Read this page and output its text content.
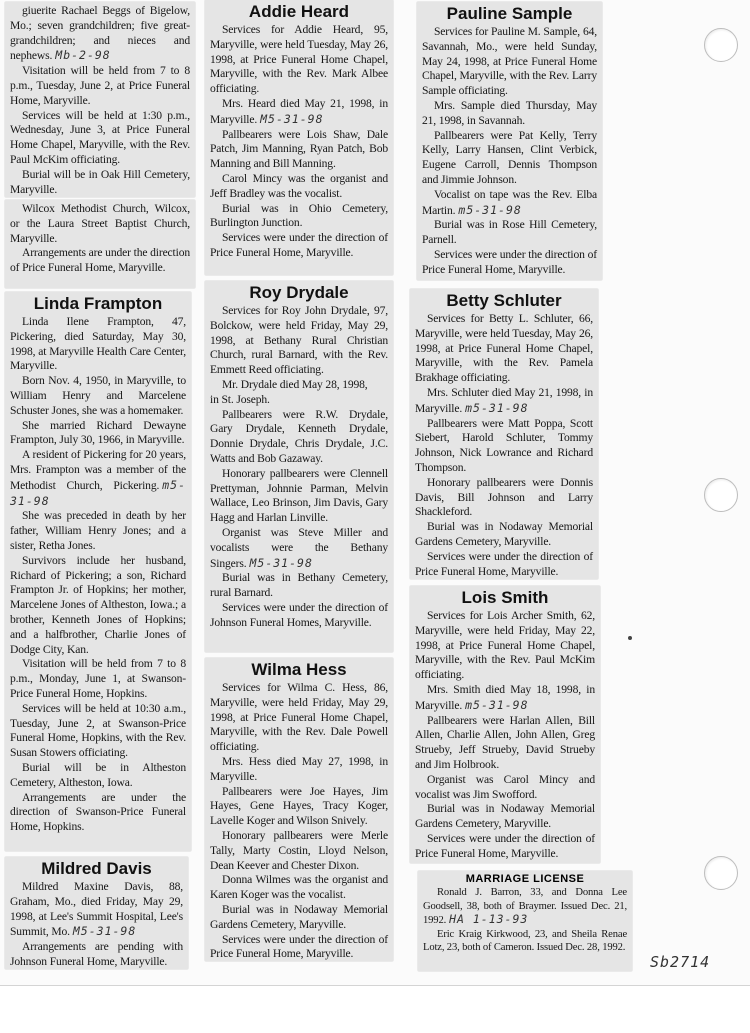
giuerite Rachael Beggs of Bigelow, Mo.; seven grandchildren; five great-grandchildren; and nieces and nephews. Mb-2-98

Visitation will be held from 7 to 8 p.m., Tuesday, June 2, at Price Funeral Home, Maryville.

Services will be held at 1:30 p.m., Wednesday, June 3, at Price Funeral Home Chapel, Maryville, with the Rev. Paul McKim officiating.

Burial will be in Oak Hill Cemetery, Maryville.

Wilcox Methodist Church, Wilcox, or the Laura Street Baptist Church, Maryville.

Arrangements are under the direction of Price Funeral Home, Maryville.

Linda Frampton

Linda Ilene Frampton, 47, Pickering, died Saturday, May 30, 1998, at Maryville Health Care Center, Maryville.

Born Nov. 4, 1950, in Maryville, to William Henry and Marcelene Schuster Jones, she was a homemaker.

She married Richard Dewayne Frampton, July 30, 1966, in Maryville.

A resident of Pickering for 20 years, Mrs. Frampton was a member of the Methodist Church, Pickering. m5-31-98

She was preceded in death by her father, William Henry Jones; and a sister, Retha Jones.

Survivors include her husband, Richard of Pickering; a son, Richard Frampton Jr. of Hopkins; her mother, Marcelene Jones of Altheston, Iowa.; a brother, Kenneth Jones of Hopkins; and a halfbrother, Charlie Jones of Dodge City, Kan.

Visitation will be held from 7 to 8 p.m., Monday, June 1, at Swanson-Price Funeral Home, Hopkins.

Services will be held at 10:30 a.m., Tuesday, June 2, at Swanson-Price Funeral Home, Hopkins, with the Rev. Susan Stowers officiating.

Burial will be in Altheston Cemetery, Altheston, Iowa.

Arrangements are under the direction of Swanson-Price Funeral Home, Hopkins.

Mildred Davis

Mildred Maxine Davis, 88, Graham, Mo., died Friday, May 29, 1998, at Lee's Summit Hospital, Lee's Summit, Mo. M5-31-98

Arrangements are pending with Johnson Funeral Home, Maryville.

Addie Heard

Services for Addie Heard, 95, Maryville, were held Tuesday, May 26, 1998, at Price Funeral Home Chapel, Maryville, with the Rev. Mark Albee officiating.

Mrs. Heard died May 21, 1998, in Maryville. M5-31-98

Pallbearers were Lois Shaw, Dale Patch, Jim Manning, Ryan Patch, Bob Manning and Bill Manning.

Carol Mincy was the organist and Jeff Bradley was the vocalist.

Burial was in Ohio Cemetery, Burlington Junction.

Services were under the direction of Price Funeral Home, Maryville.

Roy Drydale

Services for Roy John Drydale, 97, Bolckow, were held Friday, May 29, 1998, at Bethany Rural Christian Church, rural Barnard, with the Rev. Emmett Reed officiating.

Mr. Drydale died May 28, 1998,

in St. Joseph.

Pallbearers were R.W. Drydale, Gary Drydale, Kenneth Drydale, Donnie Drydale, Chris Drydale, J.C. Watts and Bob Gazaway.

Honorary pallbearers were Clennell Prettyman, Johnnie Parman, Melvin Wallace, Leo Brinson, Jim Davis, Gary Hagg and Harlan Linville.

Organist was Steve Miller and vocalists were the Bethany Singers. M5-31-98

Burial was in Bethany Cemetery, rural Barnard.

Services were under the direction of Johnson Funeral Homes, Maryville.

Wilma Hess

Services for Wilma C. Hess, 86, Maryville, were held Friday, May 29, 1998, at Price Funeral Home Chapel, Maryville, with the Rev. Dale Powell officiating.

Mrs. Hess died May 27, 1998, in Maryville.

Pallbearers were Joe Hayes, Jim Hayes, Gene Hayes, Tracy Koger, Lavelle Koger and Wilson Snively.

Honorary pallbearers were Merle Tally, Marty Costin, Lloyd Nelson, Dean Keever and Chester Dixon.

Donna Wilmes was the organist and Karen Koger was the vocalist.

Burial was in Nodaway Memorial Gardens Cemetery, Maryville.

Services were under the direction of Price Funeral Home, Maryville.

Pauline Sample

Services for Pauline M. Sample, 64, Savannah, Mo., were held Sunday, May 24, 1998, at Price Funeral Home Chapel, Maryville, with the Rev. Larry Sample officiating.

Mrs. Sample died Thursday, May 21, 1998, in Savannah.

Pallbearers were Pat Kelly, Terry Kelly, Larry Hansen, Clint Verbick, Eugene Carroll, Dennis Thompson and Jimmie Johnson.

Vocalist on tape was the Rev. Elba Martin. m5-31-98

Burial was in Rose Hill Cemetery, Parnell.

Services were under the direction of Price Funeral Home, Maryville.

Betty Schluter

Services for Betty L. Schluter, 66, Maryville, were held Tuesday, May 26, 1998, at Price Funeral Home Chapel, Maryville, with the Rev. Pamela Brakhage officiating.

Mrs. Schluter died May 21, 1998, in Maryville. m5-31-98

Pallbearers were Matt Poppa, Scott Siebert, Harold Schluter, Tommy Johnson, Nick Lowrance and Richard Thompson.

Honorary pallbearers were Donnis Davis, Bill Johnson and Larry Shackleford.

Burial was in Nodaway Memorial Gardens Cemetery, Maryville.

Services were under the direction of Price Funeral Home, Maryville.

Lois Smith

Services for Lois Archer Smith, 62, Maryville, were held Friday, May 22, 1998, at Price Funeral Home Chapel, Maryville, with the Rev. Paul McKim officiating.

Mrs. Smith died May 18, 1998, in Maryville. m5-31-98

Pallbearers were Harlan Allen, Bill Allen, Charlie Allen, John Allen, Greg Strueby, Jeff Strueby, David Strueby and Jim Holbrook.

Organist was Carol Mincy and vocalist was Jim Swofford.

Burial was in Nodaway Memorial Gardens Cemetery, Maryville.

Services were under the direction of Price Funeral Home, Maryville.

MARRIAGE LICENSE

Ronald J. Barron, 33, and Donna Lee Goodsell, 38, both of Braymer. Issued Dec. 21, 1992. HA 1-13-93

Eric Kraig Kirkwood, 23, and Sheila Renae Lotz, 23, both of Cameron. Issued Dec. 28, 1992.

Sb2714
